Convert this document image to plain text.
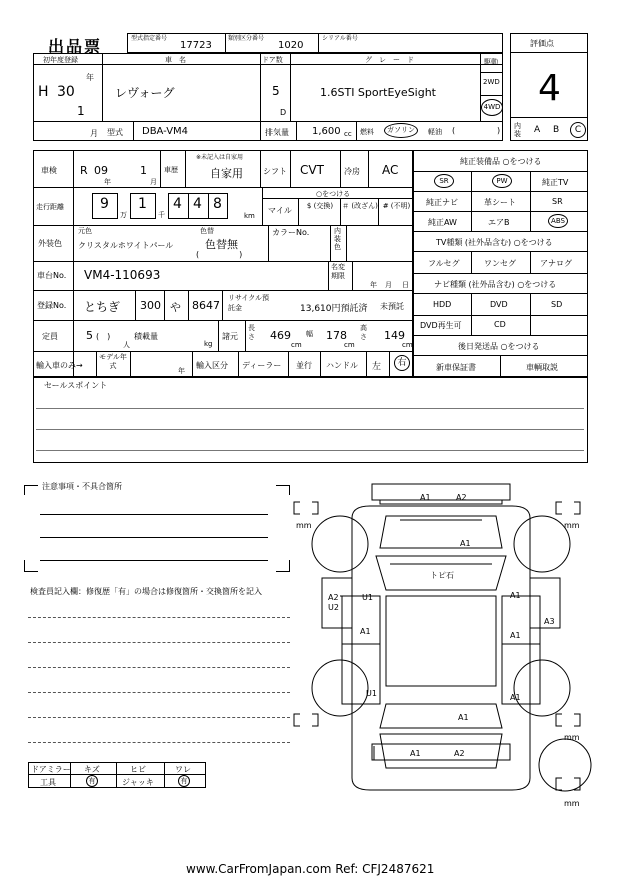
出品票	型式指定番号
17723
類別区分番号
1020
シリアル番号
評価点
4
内装 A B	C
初年度登録
H 30
年
1
月
車　名
レヴォーグ
ドア数
5
D
グ　レ　ー　ド
1.6STI SportEyeSight
駆動
2WD
4WD
型式 DBA-VM4	排気量 1,600 cc 燃料	ガソリン	軽油 (	)
車検 R 09
年
1
月
車歴
※未記入は自家用
自家用	シフト CVT	冷房 AC
走行距離	9
万
1
千
4 4 8
km
○をつける
マイル	$ (交換)	＃ (改ざん) # (不明)
外装色
元色
クリスタルホワイトパール
色替
色替無
(　　　　　)
カラーNo.	内装色
車台No. VM4-110693
名変期限
年 月 日
登録No. とちぎ 300 や 8647
リサイクル預託金	13,610円預託済 未預託
定員	5 (　)
人
積載量
kg
諸元
長さ 469
cm
幅 178
cm
高さ 149
cm
輸入車のみ→
モデル年式
年
輸入区分 ディーラー 並行 ハンドル 左	右
純正装備品 ○をつける
SR	PW	純正TV
純正ナビ	革シート	SR
純正AW	エアB	ABS
TV種類 (社外品含む) ○をつける
フルセグ	ワンセグ	アナログ
ナビ種類 (社外品含む) ○をつける
HDD	DVD	SD
DVD再生可	CD
後日発送品 ○をつける
新車保証書	車輌取説
セールスポイント
注意事項・不具合箇所
検査員記入欄：修復歴「有」の場合は修復箇所・交換箇所を記入
ドアミラー キズ	ヒビ	ワレ
工具	有	ジャッキ	有
mm	mm
mm
mm
A1	A2
A1
トピ石
A2
U2
U1
A1
A1
A3
A1
A1
U1
A1
A1	A2
www.CarFromJapan.com Ref: CFJ2487621
